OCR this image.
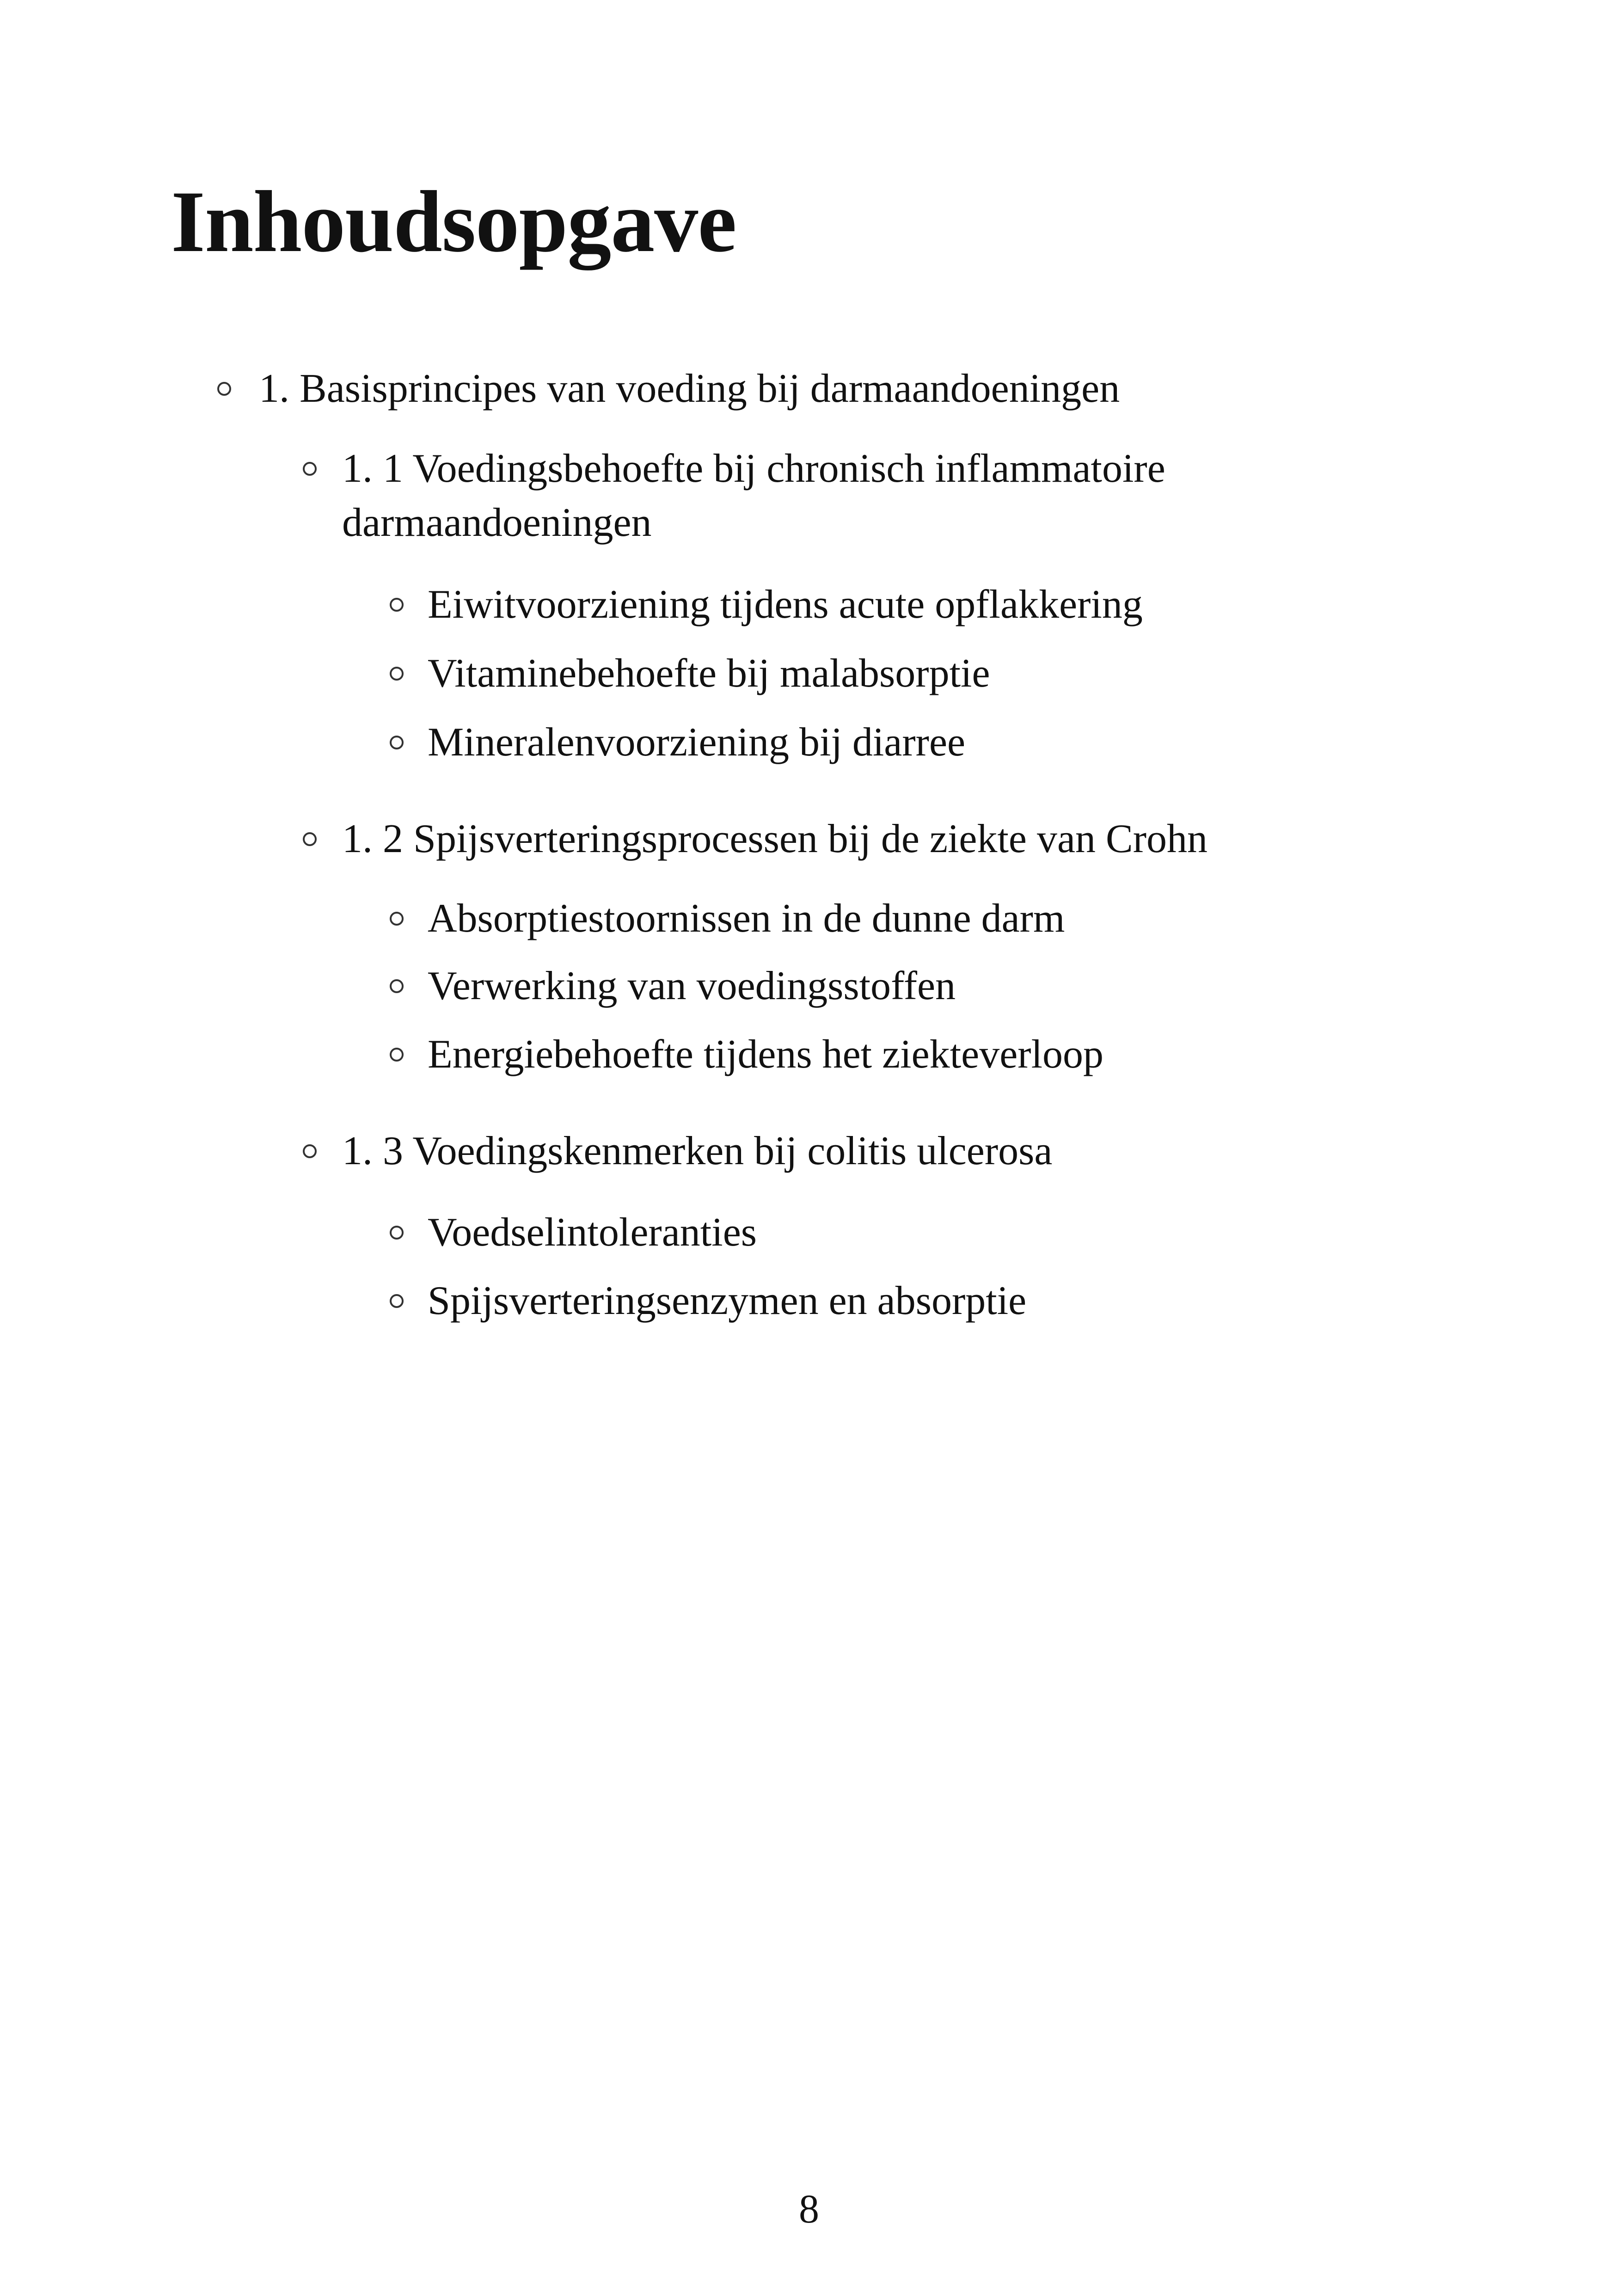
Inhoudsopgave
1. Basisprincipes van voeding bij darmaandoeningen
1. 1 Voedingsbehoefte bij chronisch inflammatoire
darmaandoeningen
Eiwitvoorziening tijdens acute opflakkering
Vitaminebehoefte bij malabsorptie
Mineralenvoorziening bij diarree
1. 2 Spijsverteringsprocessen bij de ziekte van Crohn
Absorptiestoornissen in de dunne darm
Verwerking van voedingsstoffen
Energiebehoefte tijdens het ziekteverloop
1. 3 Voedingskenmerken bij colitis ulcerosa
Voedselintoleranties
Spijsverteringsenzymen en absorptie
8
